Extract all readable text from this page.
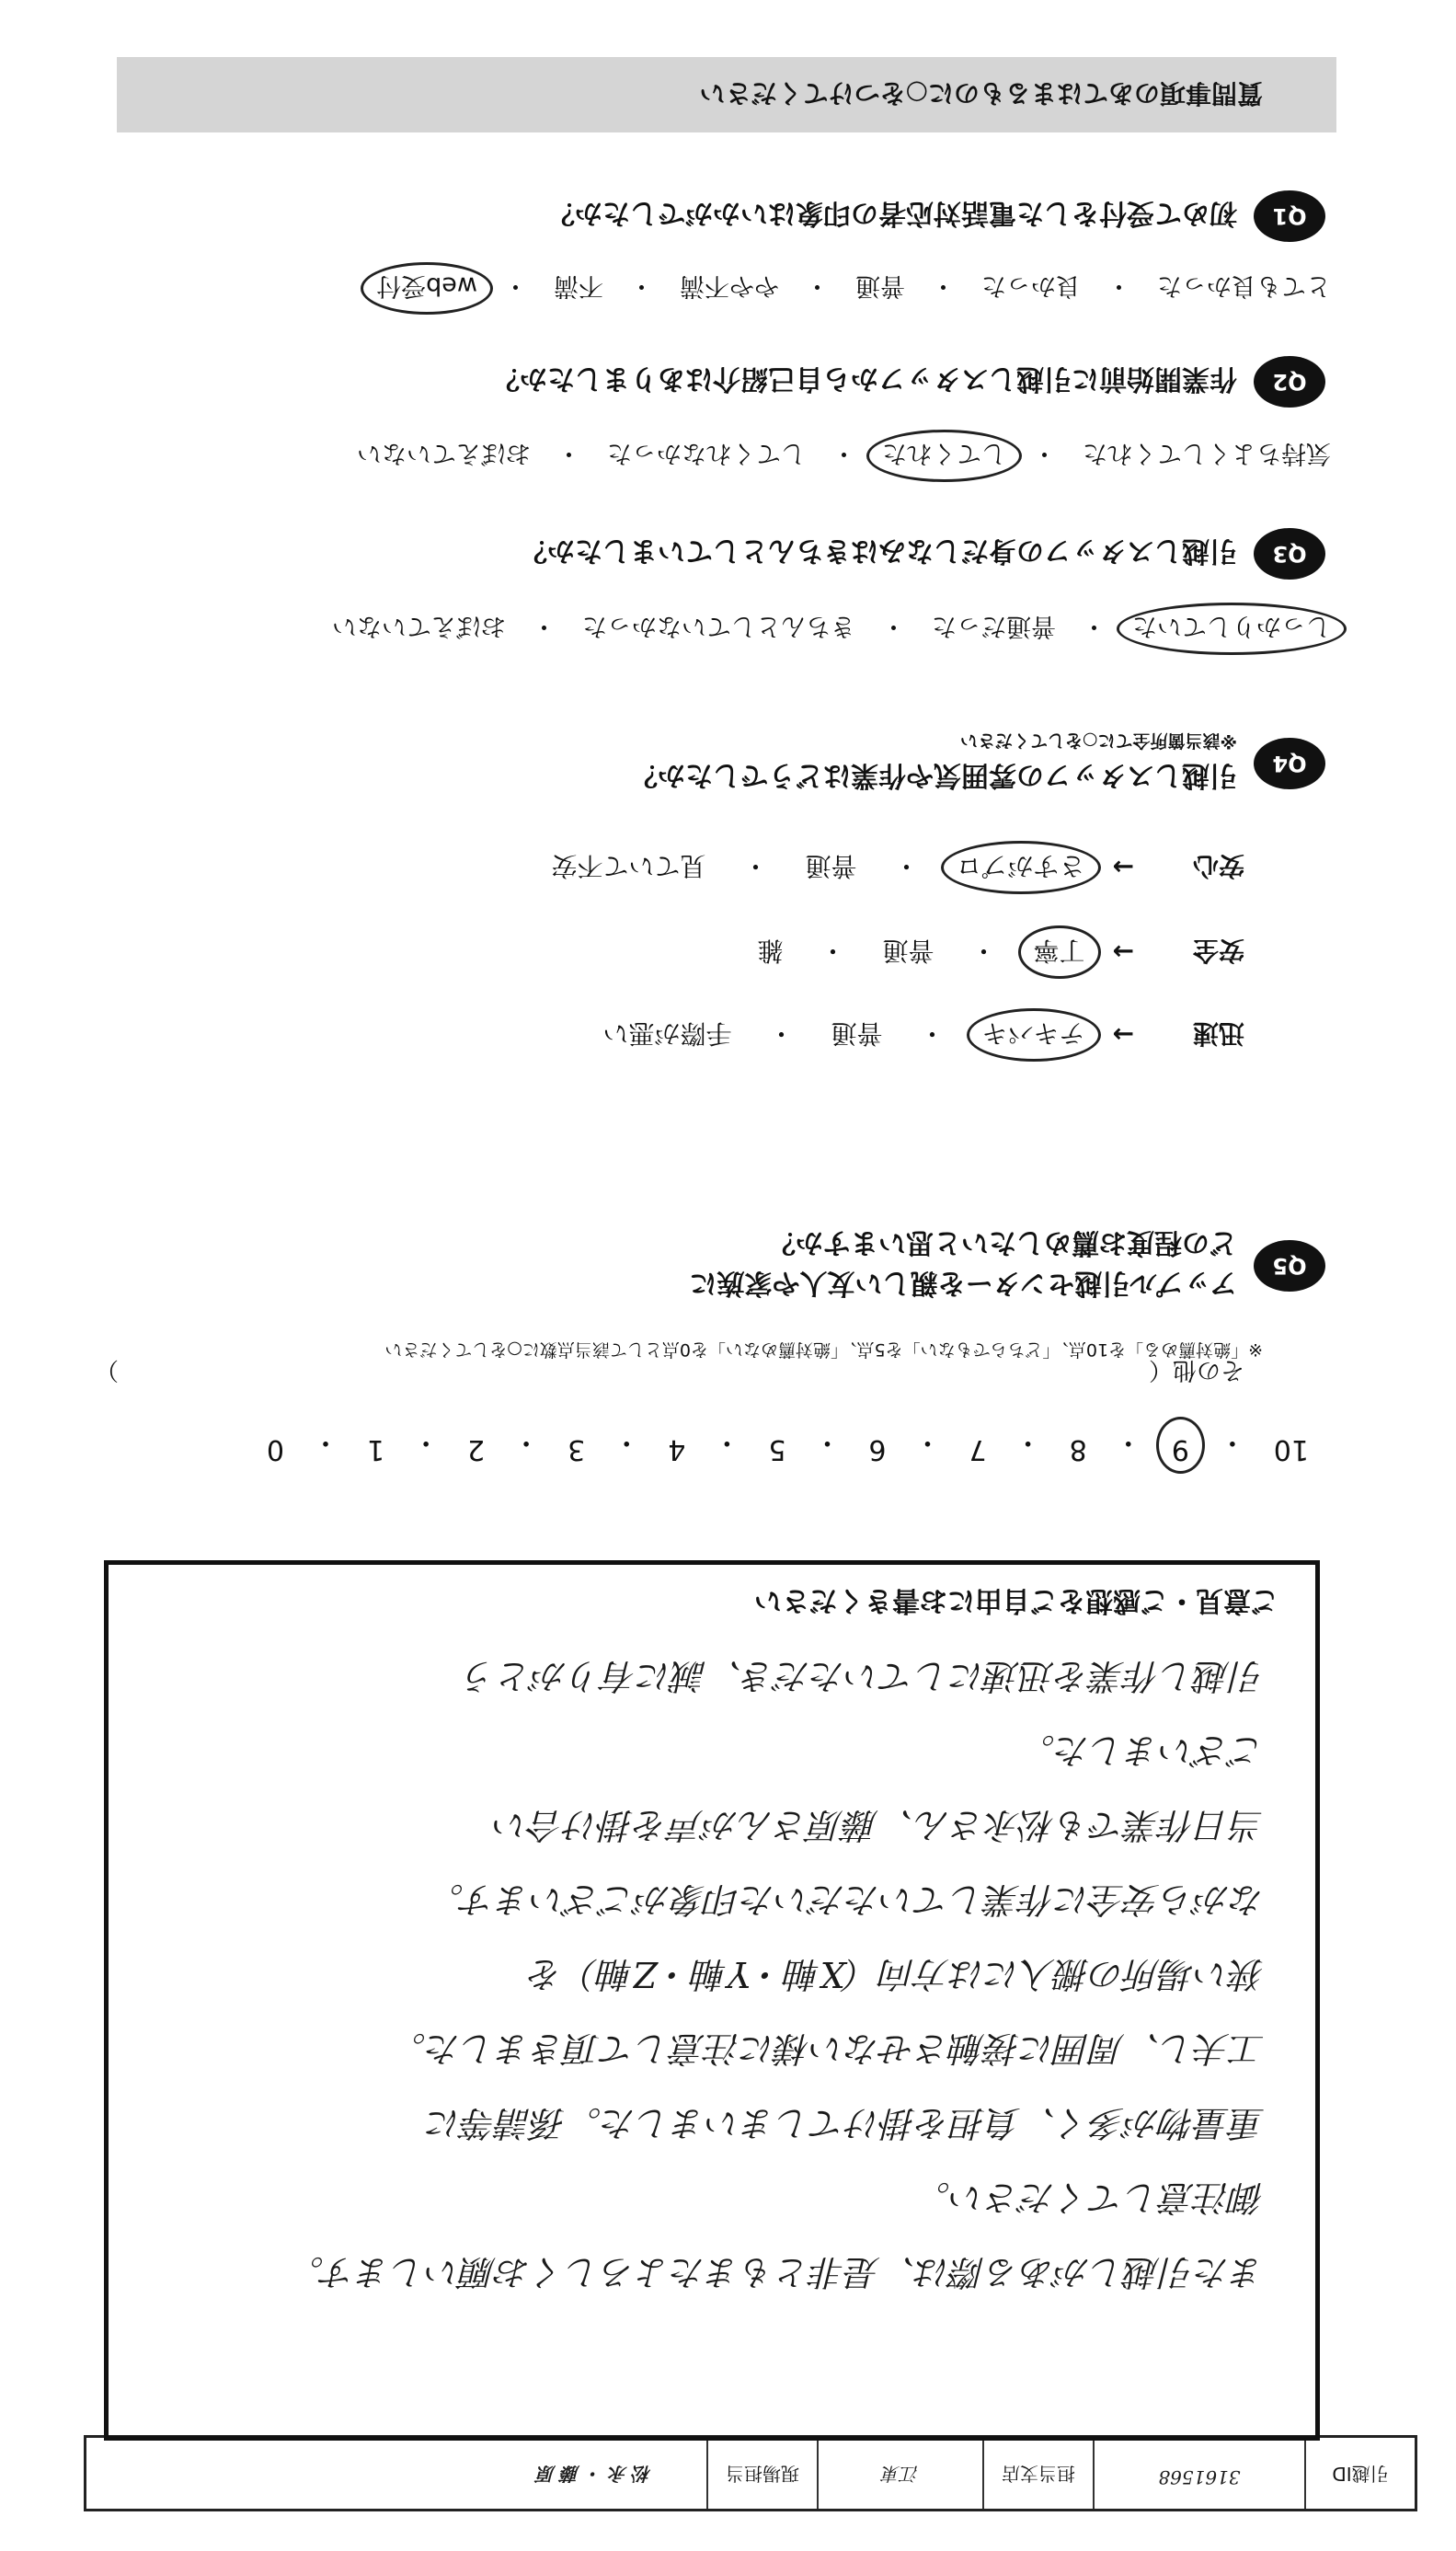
引越ID
3161568
担当支店
江東
現場担当
松永・藤原
Q1
初めて受付をした電話対応者の印象はいかがでしたか？
とても良かった
・
良かった
・
普通
・
やや不満
・
不満
・
web受付
Q2
作業開始前に引越しスタッフから自己紹介はありましたか？
気持ちよくしてくれた
・
してくれた
・
してくれなかった
・
おぼえていない
Q3
引越しスタッフの身だしなみはきちんとしていましたか？
しっかりしていた
・
普通だった
・
きちんとしていなかった
・
おぼえていない
Q4
引越しスタッフの雰囲気や作業はどうでしたか？
※該当箇所全てに○をしてください
安心
→
さすがプロ
・
普通
・
見ていて不安
安全
→
丁寧
・
普通
・
雑
迅速
→
テキパキ
・
普通
・
手際が悪い
その他（
）
Q5
アップル引越センターを親しい友人や家族に
どの程度お薦めしたいと思いますか？
※「絶対薦める」を10点、「どちらでもない」を5点、「絶対薦めない」を0点として該当点数に○をしてください
10
・
9
・
8
・
7
・
6
・
5
・
4
・
3
・
2
・
1
・
0
質問事項のあてはまるものに○をつけてください
ご意見・ご感想をご自由にお書きください
また引越しがある際は、是非ともまたよろしくお願いします。
御注意してください。
重量物が多く、負担を掛けてしまいました。孫請等に
工夫し、周囲に接触させない様に注意して頂きました。
狭い場所の搬入には方向（X軸・Y軸・Z軸）を
ながら安全に作業していただいた印象がございます。
当日作業でも松永さん、藤原さんが声を掛け合い
ございました。
引越し作業を迅速にしていただき、誠に有りがとう
